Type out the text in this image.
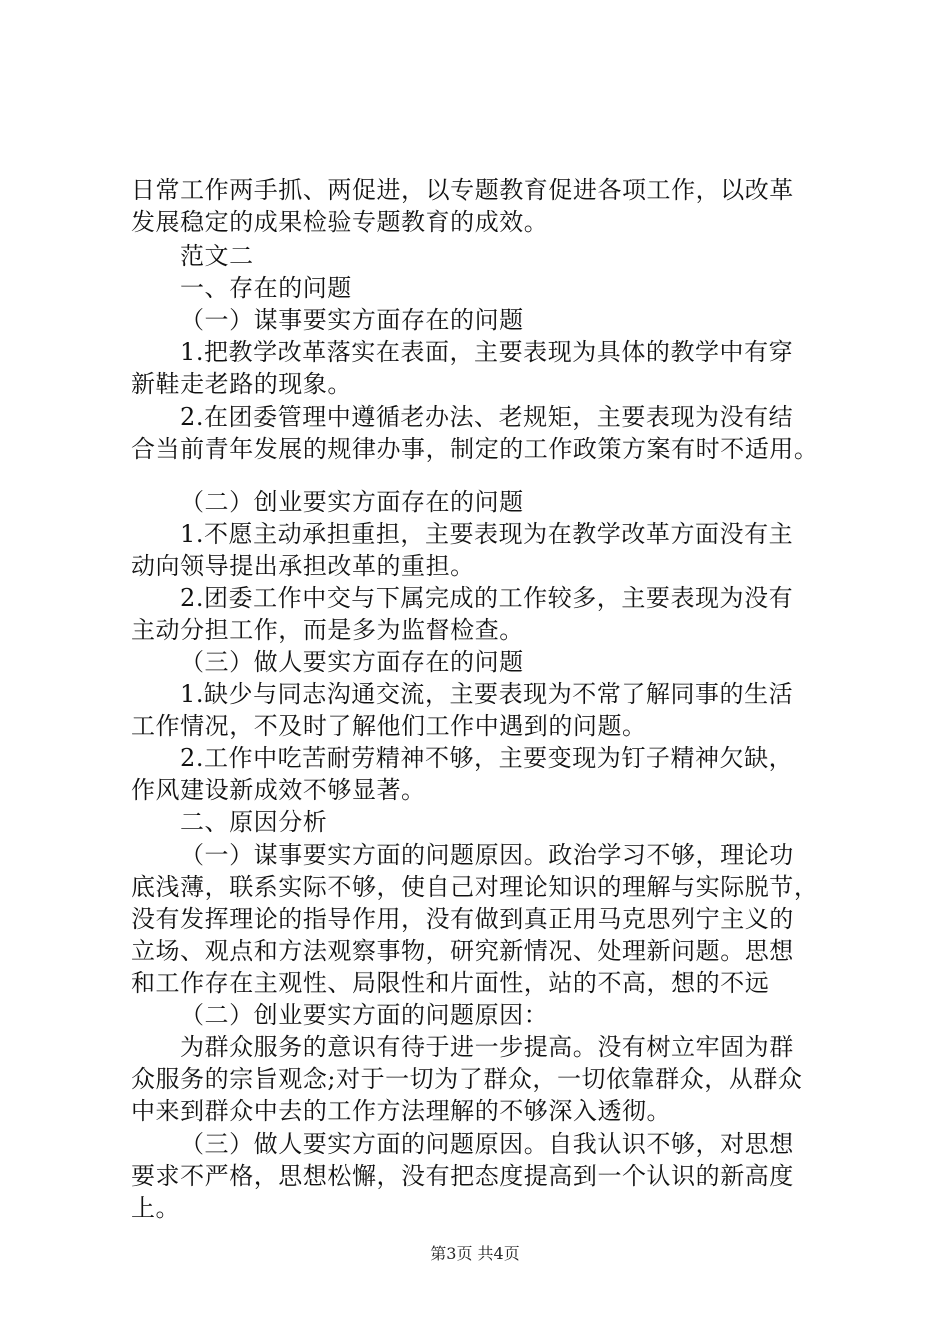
日常工作两手抓、两促进，以专题教育促进各项工作，以改革
发展稳定的成果检验专题教育的成效。
范文二
一、存在的问题
（一）谋事要实方面存在的问题
1.把教学改革落实在表面，主要表现为具体的教学中有穿
新鞋走老路的现象。
2.在团委管理中遵循老办法、老规矩，主要表现为没有结
合当前青年发展的规律办事，制定的工作政策方案有时不适用。
（二）创业要实方面存在的问题
1.不愿主动承担重担，主要表现为在教学改革方面没有主
动向领导提出承担改革的重担。
2.团委工作中交与下属完成的工作较多，主要表现为没有
主动分担工作，而是多为监督检查。
（三）做人要实方面存在的问题
1.缺少与同志沟通交流，主要表现为不常了解同事的生活
工作情况，不及时了解他们工作中遇到的问题。
2.工作中吃苦耐劳精神不够，主要变现为钉子精神欠缺，
作风建设新成效不够显著。
二、原因分析
（一）谋事要实方面的问题原因。政治学习不够，理论功
底浅薄，联系实际不够，使自己对理论知识的理解与实际脱节，
没有发挥理论的指导作用，没有做到真正用马克思列宁主义的
立场、观点和方法观察事物，研究新情况、处理新问题。思想
和工作存在主观性、局限性和片面性，站的不高，想的不远
（二）创业要实方面的问题原因：
为群众服务的意识有待于进一步提高。没有树立牢固为群
众服务的宗旨观念;对于一切为了群众，一切依靠群众，从群众
中来到群众中去的工作方法理解的不够深入透彻。
（三）做人要实方面的问题原因。自我认识不够，对思想
要求不严格，思想松懈，没有把态度提高到一个认识的新高度
上。
第3页 共4页
